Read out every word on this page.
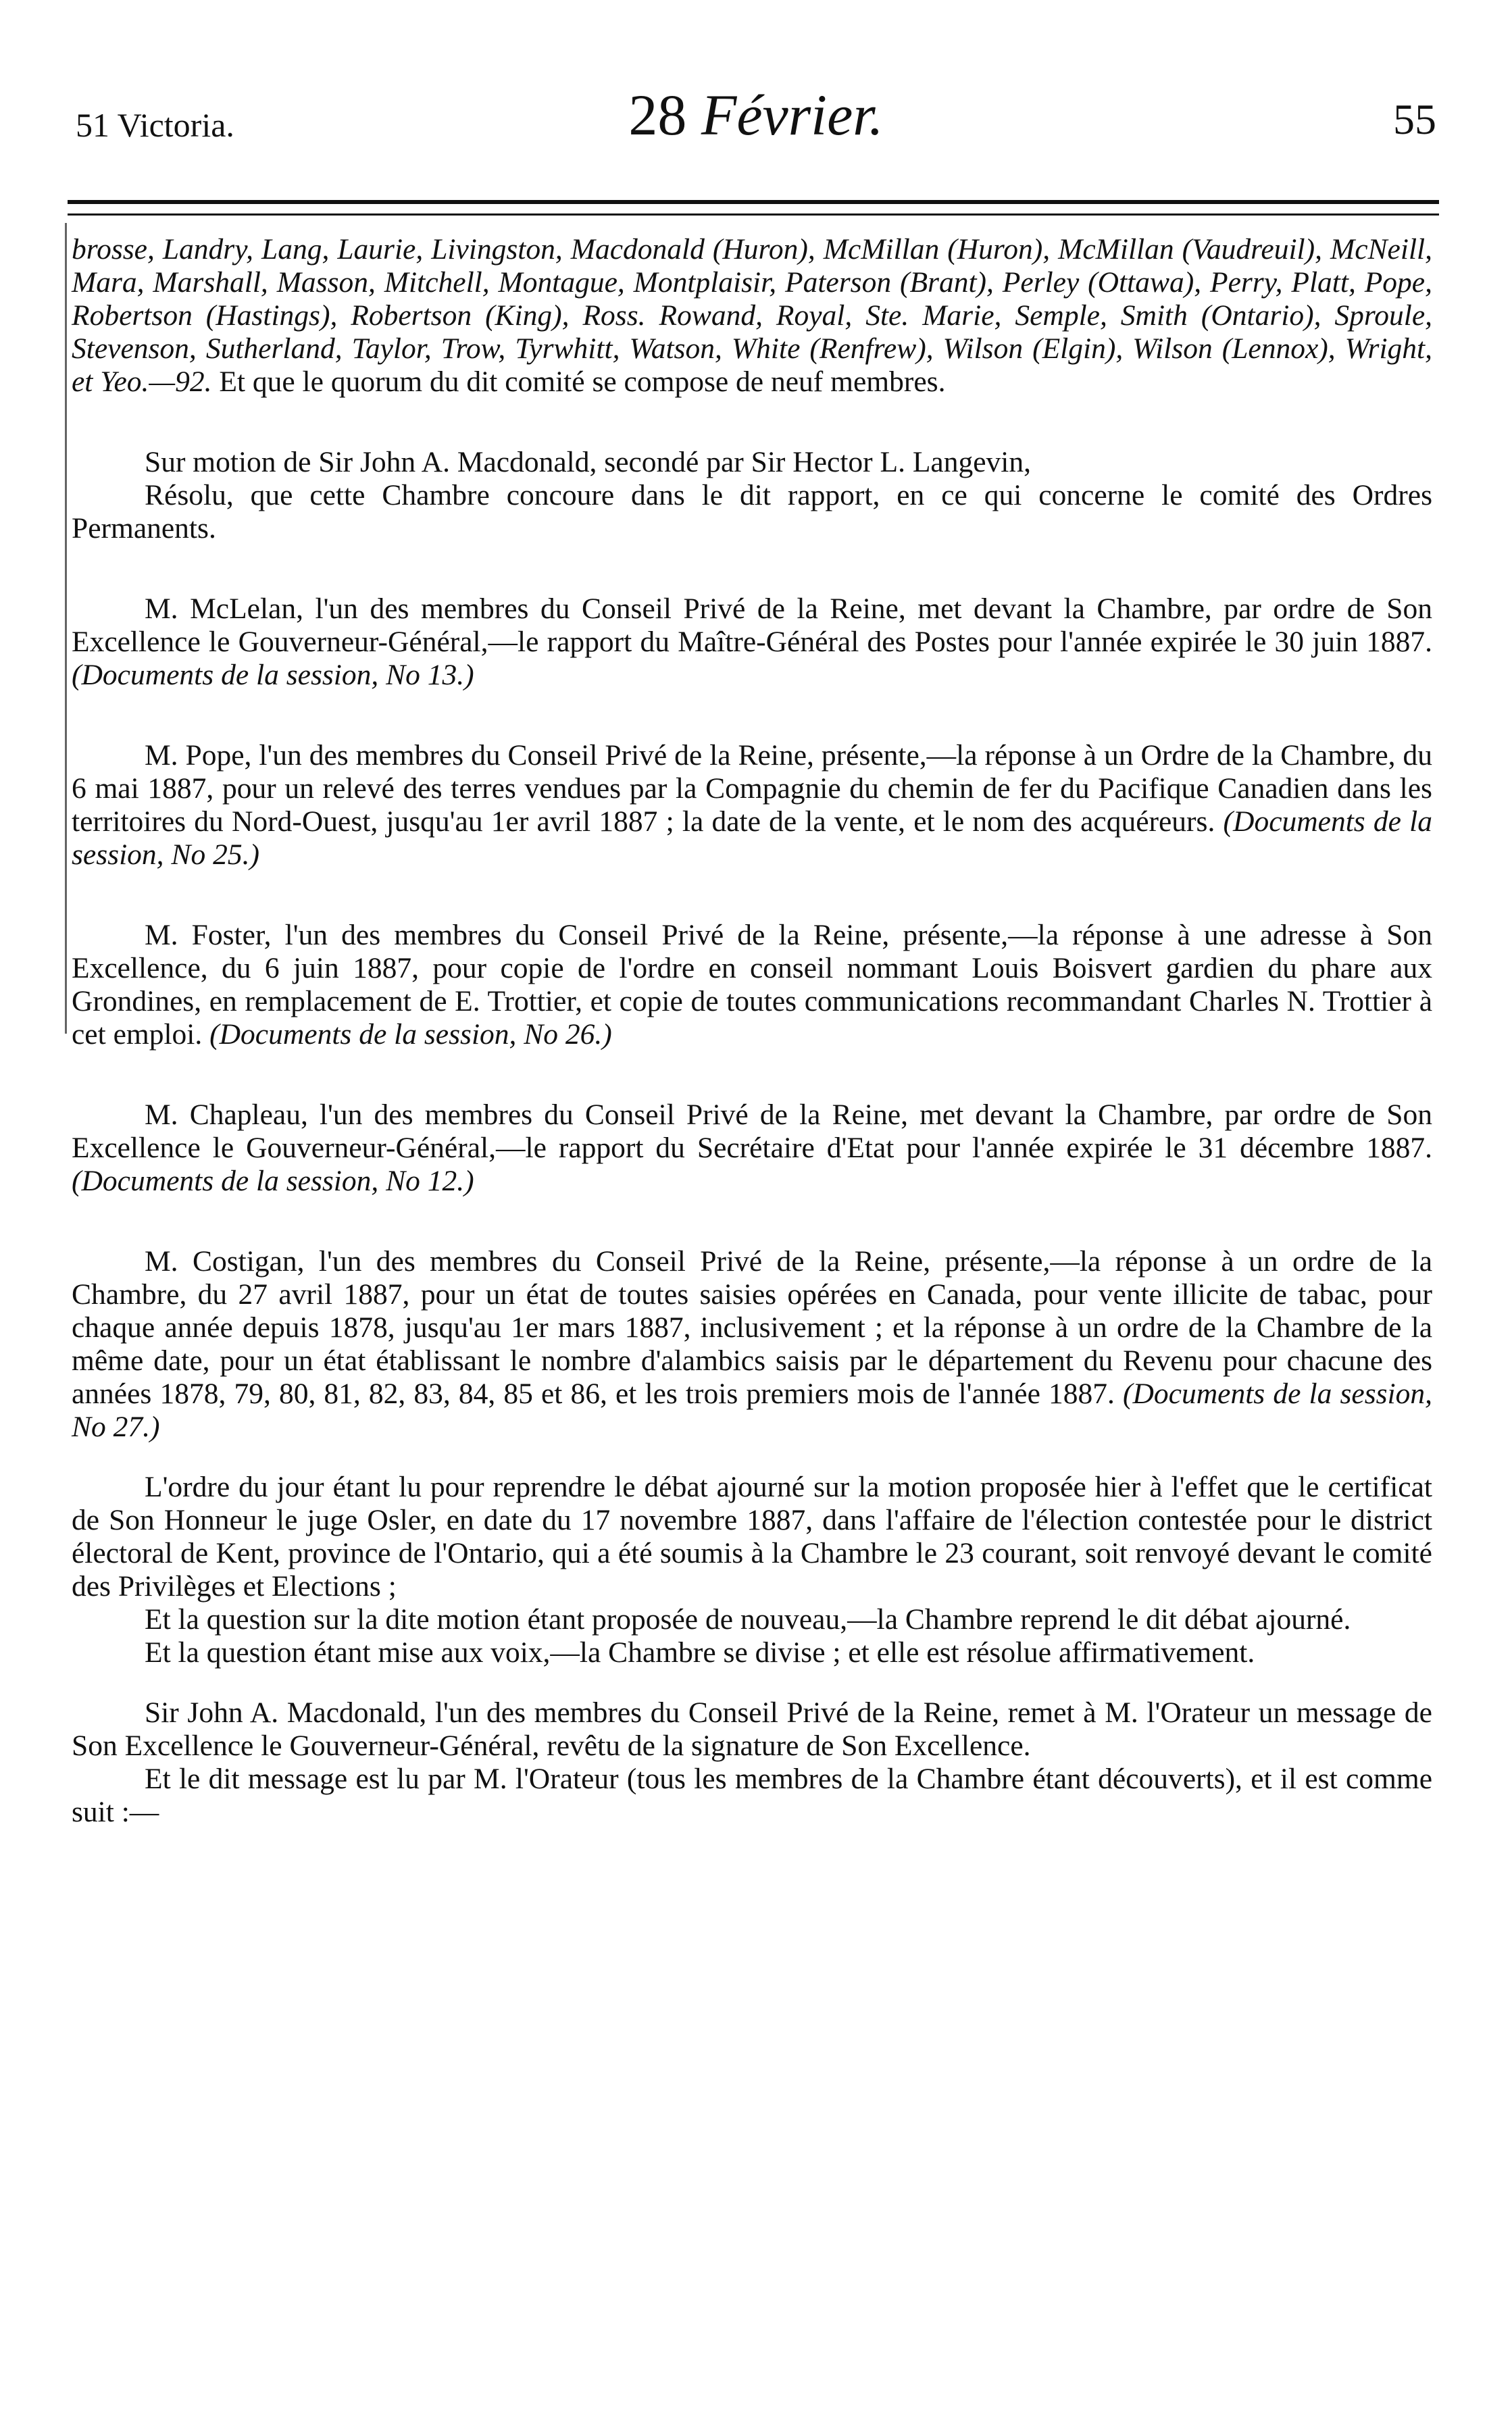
51 Victoria.	28 Février.	55

brosse, Landry, Lang, Laurie, Livingston, Macdonald (Huron), McMillan (Huron), McMillan (Vaudreuil), McNeill, Mara, Marshall, Masson, Mitchell, Montague, Montplaisir, Paterson (Brant), Perley (Ottawa), Perry, Platt, Pope, Robertson (Hastings), Robertson (King), Ross. Rowand, Royal, Ste. Marie, Semple, Smith (Ontario), Sproule, Stevenson, Sutherland, Taylor, Trow, Tyrwhitt, Watson, White (Renfrew), Wilson (Elgin), Wilson (Lennox), Wright, et Yeo.—92. Et que le quorum du dit comité se compose de neuf membres.

Sur motion de Sir John A. Macdonald, secondé par Sir Hector L. Langevin,

Résolu, que cette Chambre concoure dans le dit rapport, en ce qui concerne le comité des Ordres Permanents.

M. McLelan, l'un des membres du Conseil Privé de la Reine, met devant la Chambre, par ordre de Son Excellence le Gouverneur-Général,—le rapport du Maître-Général des Postes pour l'année expirée le 30 juin 1887. (Documents de la session, No 13.)

M. Pope, l'un des membres du Conseil Privé de la Reine, présente,—la réponse à un Ordre de la Chambre, du 6 mai 1887, pour un relevé des terres vendues par la Compagnie du chemin de fer du Pacifique Canadien dans les territoires du Nord-Ouest, jusqu'au 1er avril 1887 ; la date de la vente, et le nom des acquéreurs. (Documents de la session, No 25.)

M. Foster, l'un des membres du Conseil Privé de la Reine, présente,—la réponse à une adresse à Son Excellence, du 6 juin 1887, pour copie de l'ordre en conseil nommant Louis Boisvert gardien du phare aux Grondines, en remplacement de E. Trottier, et copie de toutes communications recommandant Charles N. Trottier à cet emploi. (Documents de la session, No 26.)

M. Chapleau, l'un des membres du Conseil Privé de la Reine, met devant la Chambre, par ordre de Son Excellence le Gouverneur-Général,—le rapport du Secrétaire d'Etat pour l'année expirée le 31 décembre 1887. (Documents de la session, No 12.)

M. Costigan, l'un des membres du Conseil Privé de la Reine, présente,—la réponse à un ordre de la Chambre, du 27 avril 1887, pour un état de toutes saisies opérées en Canada, pour vente illicite de tabac, pour chaque année depuis 1878, jusqu'au 1er mars 1887, inclusivement ; et la réponse à un ordre de la Chambre de la même date, pour un état établissant le nombre d'alambics saisis par le département du Revenu pour chacune des années 1878, 79, 80, 81, 82, 83, 84, 85 et 86, et les trois premiers mois de l'année 1887. (Documents de la session, No 27.)

L'ordre du jour étant lu pour reprendre le débat ajourné sur la motion proposée hier à l'effet que le certificat de Son Honneur le juge Osler, en date du 17 novembre 1887, dans l'affaire de l'élection contestée pour le district électoral de Kent, province de l'Ontario, qui a été soumis à la Chambre le 23 courant, soit renvoyé devant le comité des Privilèges et Elections ;

Et la question sur la dite motion étant proposée de nouveau,—la Chambre reprend le dit débat ajourné.

Et la question étant mise aux voix,—la Chambre se divise ; et elle est résolue affirmativement.

Sir John A. Macdonald, l'un des membres du Conseil Privé de la Reine, remet à M. l'Orateur un message de Son Excellence le Gouverneur-Général, revêtu de la signature de Son Excellence.

Et le dit message est lu par M. l'Orateur (tous les membres de la Chambre étant découverts), et il est comme suit :—
